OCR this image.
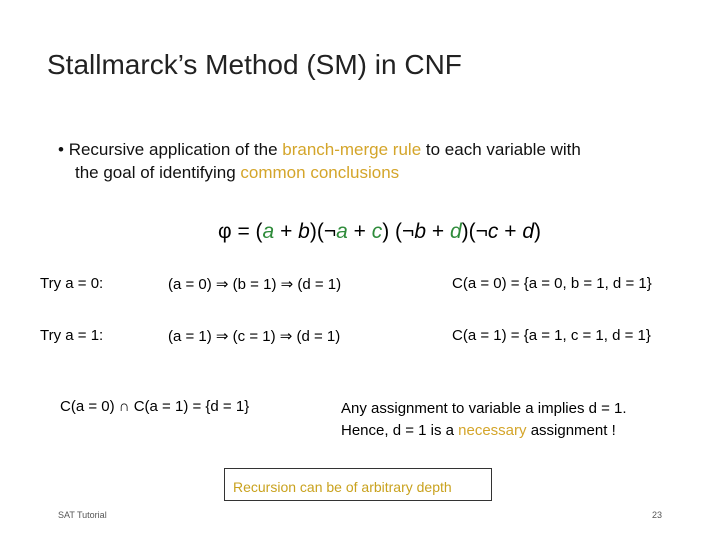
Stallmarck’s Method (SM) in CNF
• Recursive application of the branch-merge rule to each variable with
the goal of identifying common conclusions
φ = (a + b)(¬a + c) (¬b + d)(¬c + d)
Try a = 0:	(a = 0) ⇒ (b = 1) ⇒ (d = 1)	C(a = 0) = {a = 0, b = 1, d = 1}
Try a = 1:	(a = 1) ⇒ (c = 1) ⇒ (d = 1)	C(a = 1) = {a = 1, c = 1, d = 1}
C(a = 0) ∩ C(a = 1) = {d = 1}	Any assignment to variable a implies d = 1.
Hence, d = 1 is a necessary assignment !
Recursion can be of arbitrary depth
SAT Tutorial	23
